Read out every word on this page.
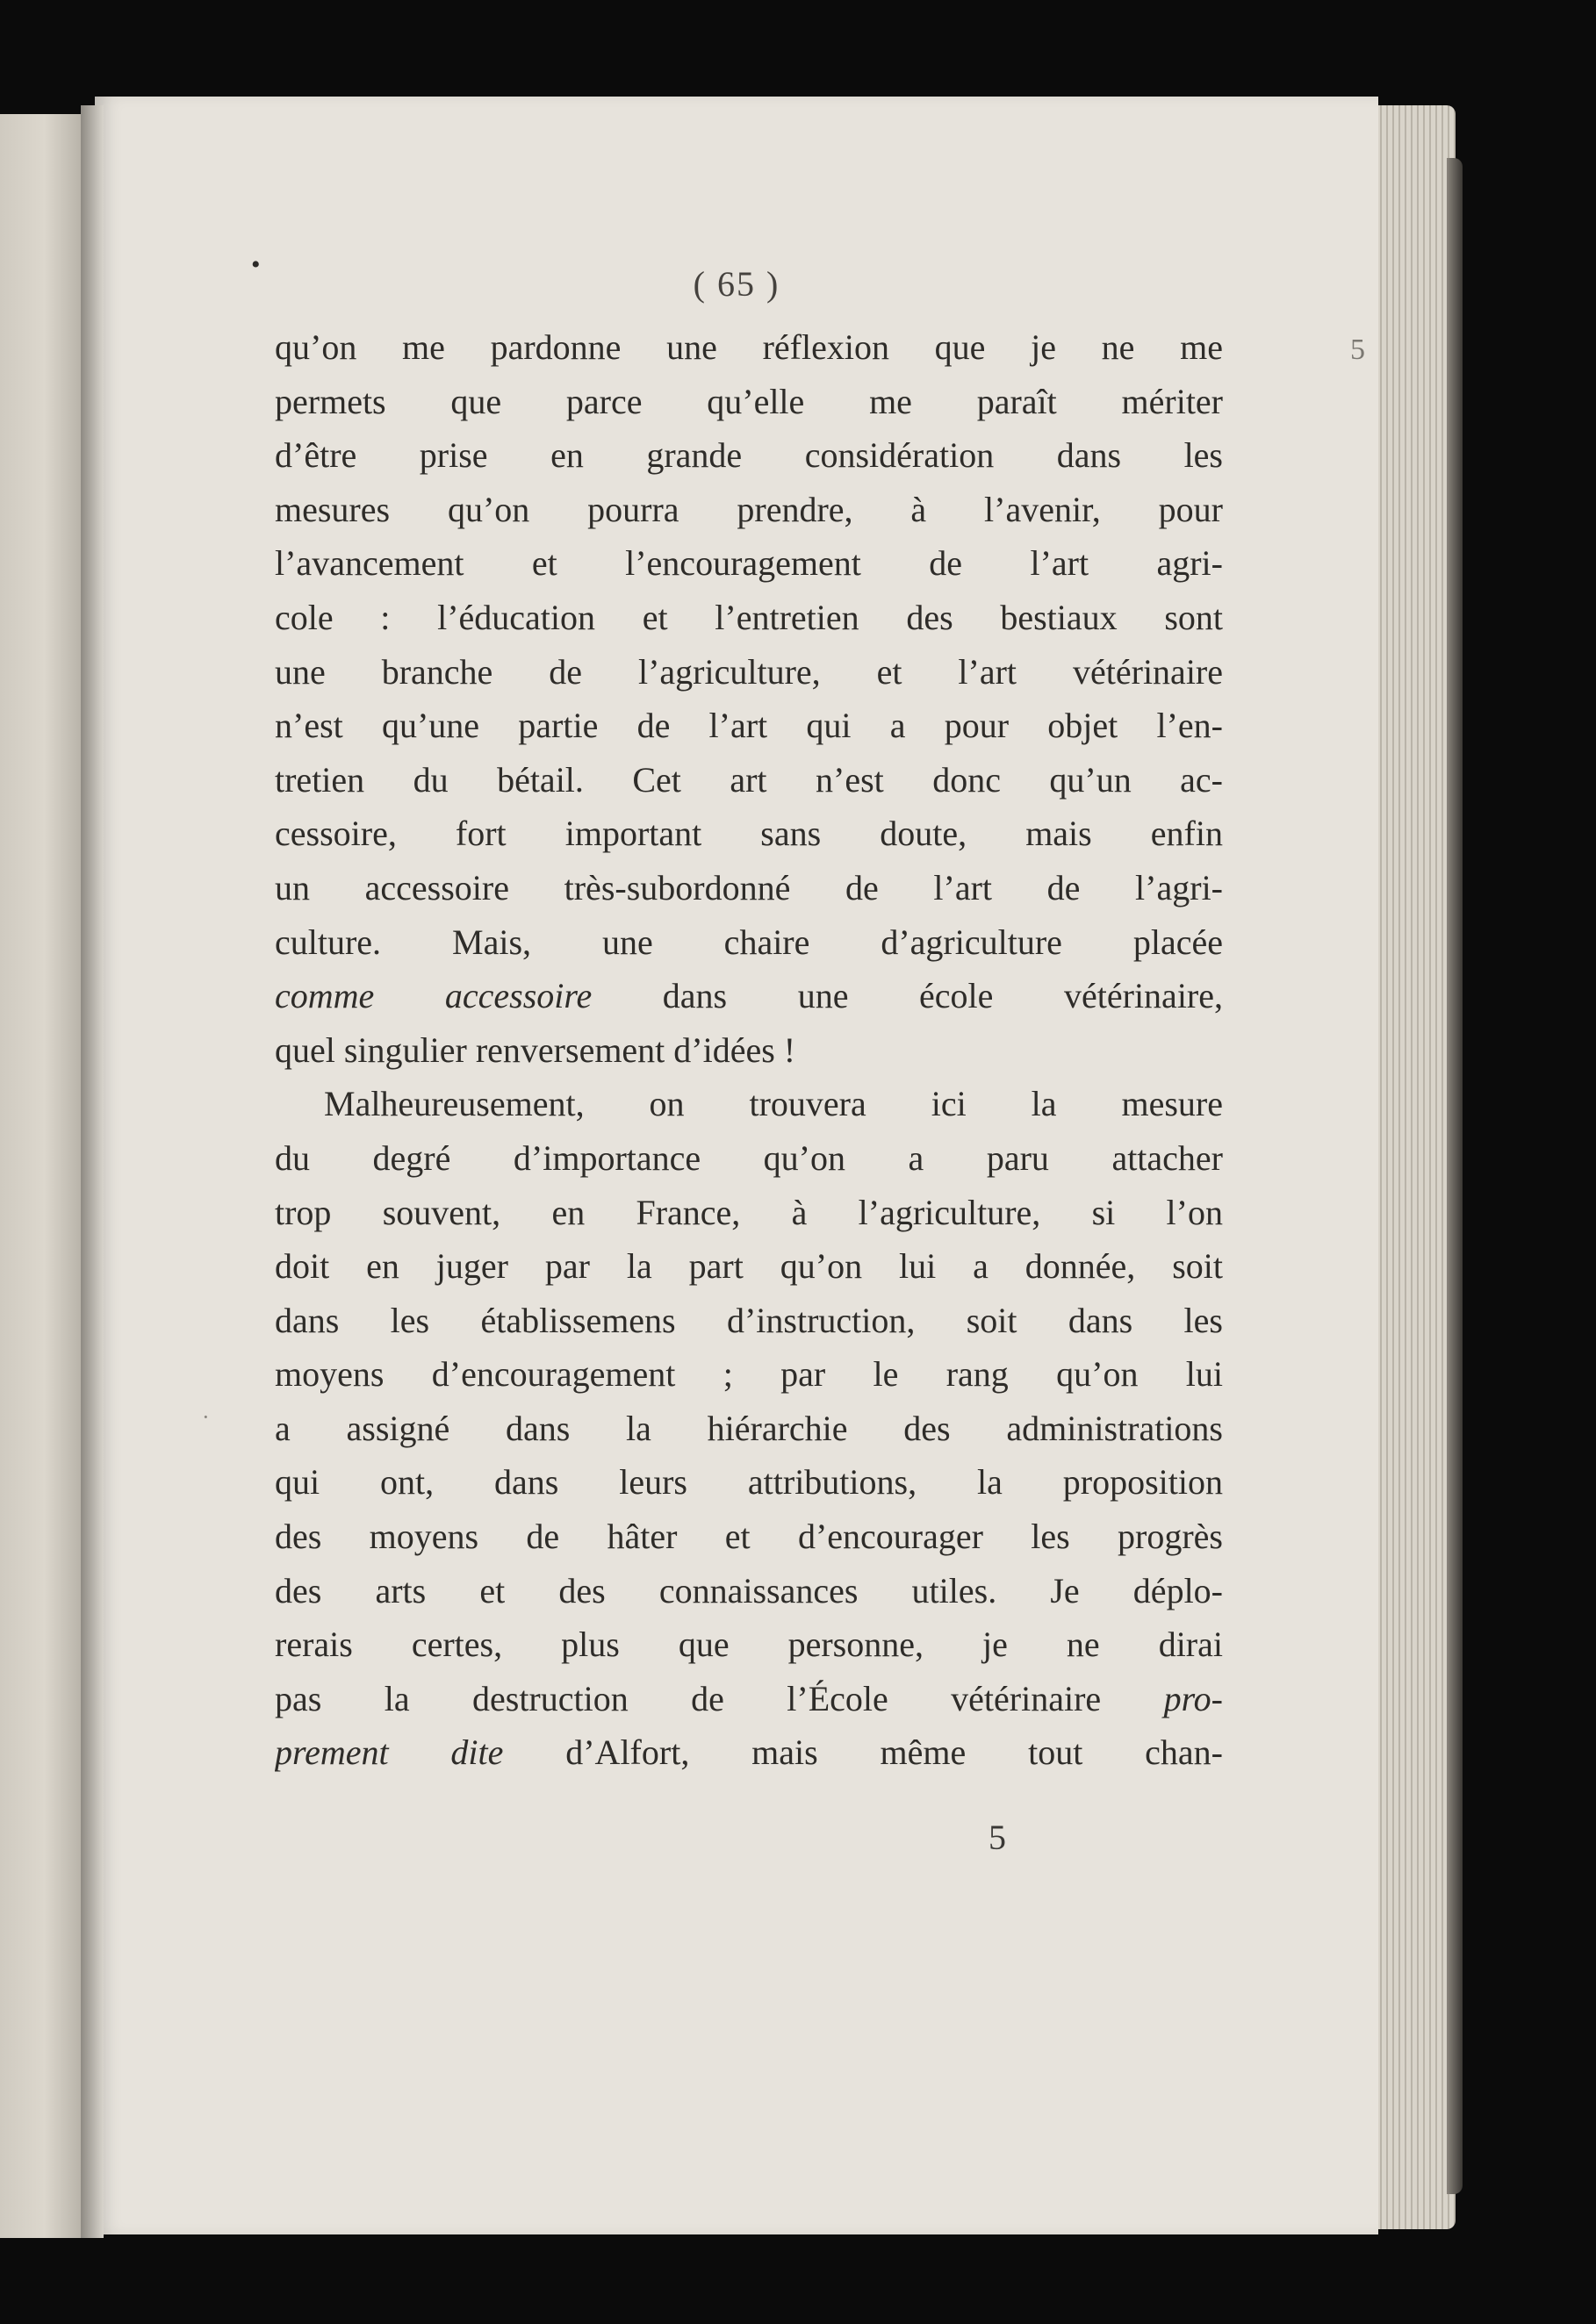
•	( 65 )
5
·
qu’on me pardonne une réflexion que je ne me
permets que parce qu’elle me paraît mériter
d’être prise en grande considération dans les
mesures qu’on pourra prendre, à l’avenir, pour
l’avancement et l’encouragement de l’art agri-
cole : l’éducation et l’entretien des bestiaux sont
une branche de l’agriculture, et l’art vétérinaire
n’est qu’une partie de l’art qui a pour objet l’en-
tretien du bétail. Cet art n’est donc qu’un ac-
cessoire, fort important sans doute, mais enfin
un accessoire très-subordonné de l’art de l’agri-
culture. Mais, une chaire d’agriculture placée
comme accessoire dans une école vétérinaire,
quel singulier renversement d’idées !
Malheureusement, on trouvera ici la mesure
du degré d’importance qu’on a paru attacher
trop souvent, en France, à l’agriculture, si l’on
doit en juger par la part qu’on lui a donnée, soit
dans les établissemens d’instruction, soit dans les
moyens d’encouragement ; par le rang qu’on lui
a assigné dans la hiérarchie des administrations
qui ont, dans leurs attributions, la proposition
des moyens de hâter et d’encourager les progrès
des arts et des connaissances utiles. Je déplo-
rerais certes, plus que personne, je ne dirai
pas la destruction de l’École vétérinaire pro-
prement dite d’Alfort, mais même tout chan-
5
